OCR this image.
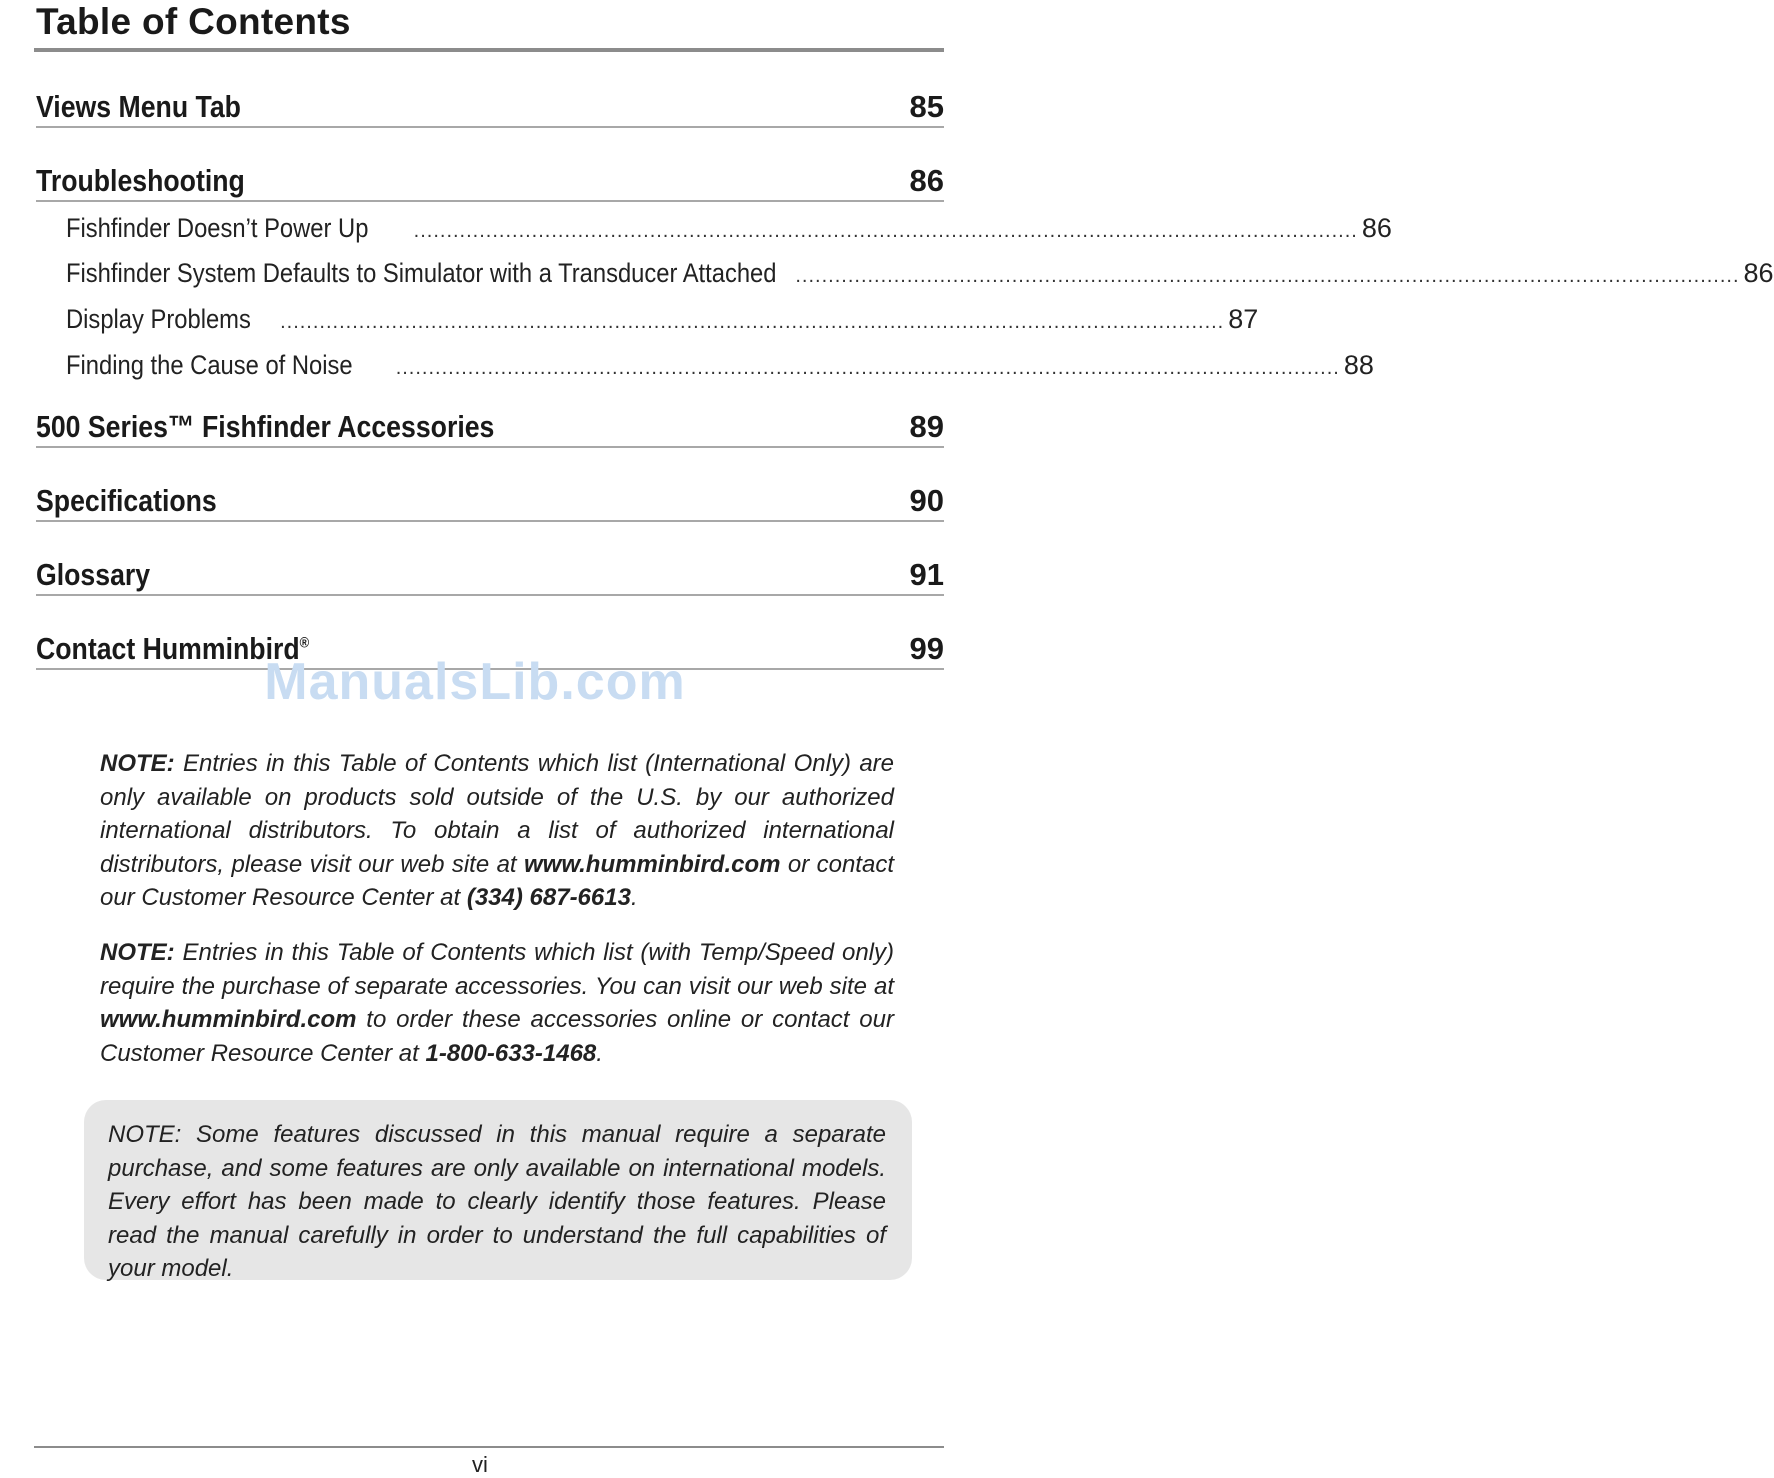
Table of Contents
Views Menu Tab	85
Troubleshooting	86
Fishfinder Doesn’t Power Up ................................................................................................................................................ 86
Fishfinder System Defaults to Simulator with a Transducer Attached ................................................................................................................................................ 86
Display Problems ................................................................................................................................................ 87
Finding the Cause of Noise ................................................................................................................................................ 88
500 Series™ Fishfinder Accessories	89
Specifications	90
Glossary	91
Contact Humminbird®	99
ManualsLib.com

NOTE: Entries in this Table of Contents which list (International Only) are only available on products sold outside of the U.S. by our authorized international distributors. To obtain a list of authorized international distributors, please visit our web site at www.humminbird.com or contact our Customer Resource Center at (334) 687-6613.

NOTE: Entries in this Table of Contents which list (with Temp/Speed only) require the purchase of separate accessories. You can visit our web site at www.humminbird.com to order these accessories online or contact our Customer Resource Center at 1-800-633-1468.

NOTE: Some features discussed in this manual require a separate purchase, and some features are only available on international models. Every effort has been made to clearly identify those features. Please read the manual carefully in order to understand the full capabilities of your model.

vi
